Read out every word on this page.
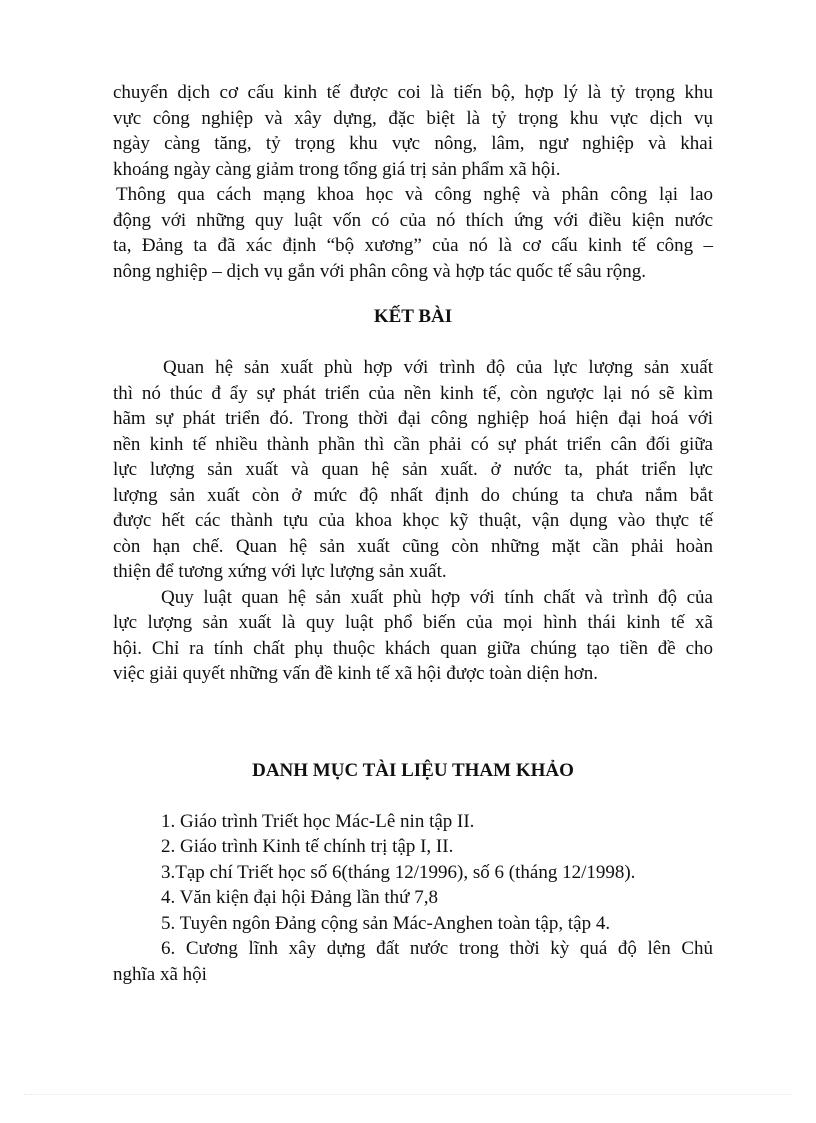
chuyển dịch cơ cấu kinh tế được coi là tiến bộ, hợp lý là tỷ trọng khu
vực công nghiệp và xây dựng, đặc biệt là tỷ trọng khu vực dịch vụ
ngày càng tăng, tỷ trọng khu vực nông, lâm, ngư nghiệp và khai
khoáng ngày càng giảm trong tổng giá trị sản phẩm xã hội.
Thông qua cách mạng khoa học và công nghệ và phân công lại lao
động với những quy luật vốn có của nó thích ứng với điều kiện nước
ta, Đảng ta đã xác định “bộ xương” của nó là cơ cấu kinh tế công –
nông nghiệp – dịch vụ gắn với phân công và hợp tác quốc tế sâu rộng.
KẾT BÀI
Quan hệ sản xuất phù hợp với trình độ của lực lượng sản xuất
thì nó thúc đ ẩy sự phát triển của nền kinh tế, còn ngược lại nó sẽ kìm
hãm sự phát triển đó. Trong thời đại công nghiệp hoá hiện đại hoá với
nền kinh tế nhiều thành phần thì cần phải có sự phát triển cân đối giữa
lực lượng sản xuất và quan hệ sản xuất. ở nước ta, phát triển lực
lượng sản xuất còn ở mức độ nhất định do chúng ta chưa nắm bắt
được hết các thành tựu của khoa khọc kỹ thuật, vận dụng vào thực tế
còn hạn chế. Quan hệ sản xuất cũng còn những mặt cần phải hoàn
thiện để tương xứng với lực lượng sản xuất.
Quy luật quan hệ sản xuất phù hợp với tính chất và trình độ của
lực lượng sản xuất là quy luật phổ biến của mọi hình thái kinh tế xã
hội. Chỉ ra tính chất phụ thuộc khách quan giữa chúng tạo tiền đề cho
việc giải quyết những vấn đề kinh tế xã hội được toàn diện hơn.
DANH MỤC TÀI LIỆU THAM KHẢO
1. Giáo trình Triết học Mác-Lê nin tập II.
2. Giáo trình Kinh tế chính trị tập I, II.
3.Tạp chí Triết học số 6(tháng 12/1996), số 6 (tháng 12/1998).
4. Văn kiện đại hội Đảng lần thứ 7,8
5. Tuyên ngôn Đảng cộng sản Mác-Anghen toàn tập, tập 4.
6. Cương lĩnh xây dựng đất nước trong thời kỳ quá độ lên Chủ
nghĩa xã hội
